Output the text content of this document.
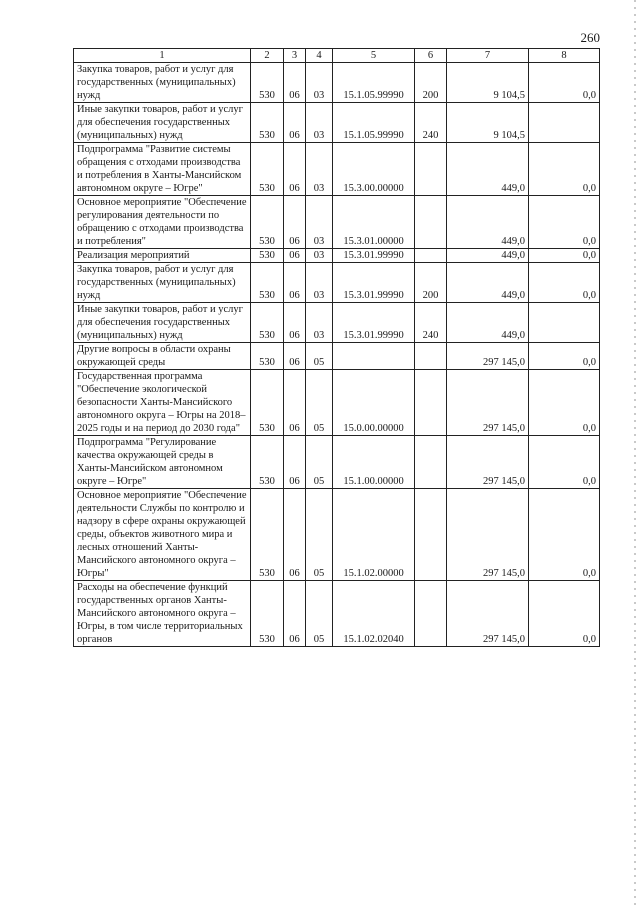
260
1	2	3	4	5	6	7	8
Закупка товаров, работ и услуг для государственных (муниципальных) нужд	530	06	03	15.1.05.99990	200	9 104,5	0,0
Иные закупки товаров, работ и услуг для обеспечения государственных (муниципальных) нужд	530	06	03	15.1.05.99990	240	9 104,5	
Подпрограмма "Развитие системы обращения с отходами производства и потребления в Ханты-Мансийском автономном округе – Югре"	530	06	03	15.3.00.00000		449,0	0,0
Основное мероприятие "Обеспечение регулирования деятельности по обращению с отходами производства и потребления"	530	06	03	15.3.01.00000		449,0	0,0
Реализация мероприятий	530	06	03	15.3.01.99990		449,0	0,0
Закупка товаров, работ и услуг для государственных (муниципальных) нужд	530	06	03	15.3.01.99990	200	449,0	0,0
Иные закупки товаров, работ и услуг для обеспечения государственных (муниципальных) нужд	530	06	03	15.3.01.99990	240	449,0	
Другие вопросы в области охраны окружающей среды	530	06	05			297 145,0	0,0
Государственная программа "Обеспечение экологической безопасности Ханты-Мансийского автономного округа – Югры на 2018–2025 годы и на период до 2030 года"	530	06	05	15.0.00.00000		297 145,0	0,0
Подпрограмма "Регулирование качества окружающей среды в Ханты-Мансийском автономном округе – Югре"	530	06	05	15.1.00.00000		297 145,0	0,0
Основное мероприятие "Обеспечение деятельности Службы по контролю и надзору в сфере охраны окружающей среды, объектов животного мира и лесных отношений Ханты-Мансийского автономного округа – Югры"	530	06	05	15.1.02.00000		297 145,0	0,0
Расходы на обеспечение функций государственных органов Ханты-Мансийского автономного округа – Югры, в том числе территориальных органов	530	06	05	15.1.02.02040		297 145,0	0,0
